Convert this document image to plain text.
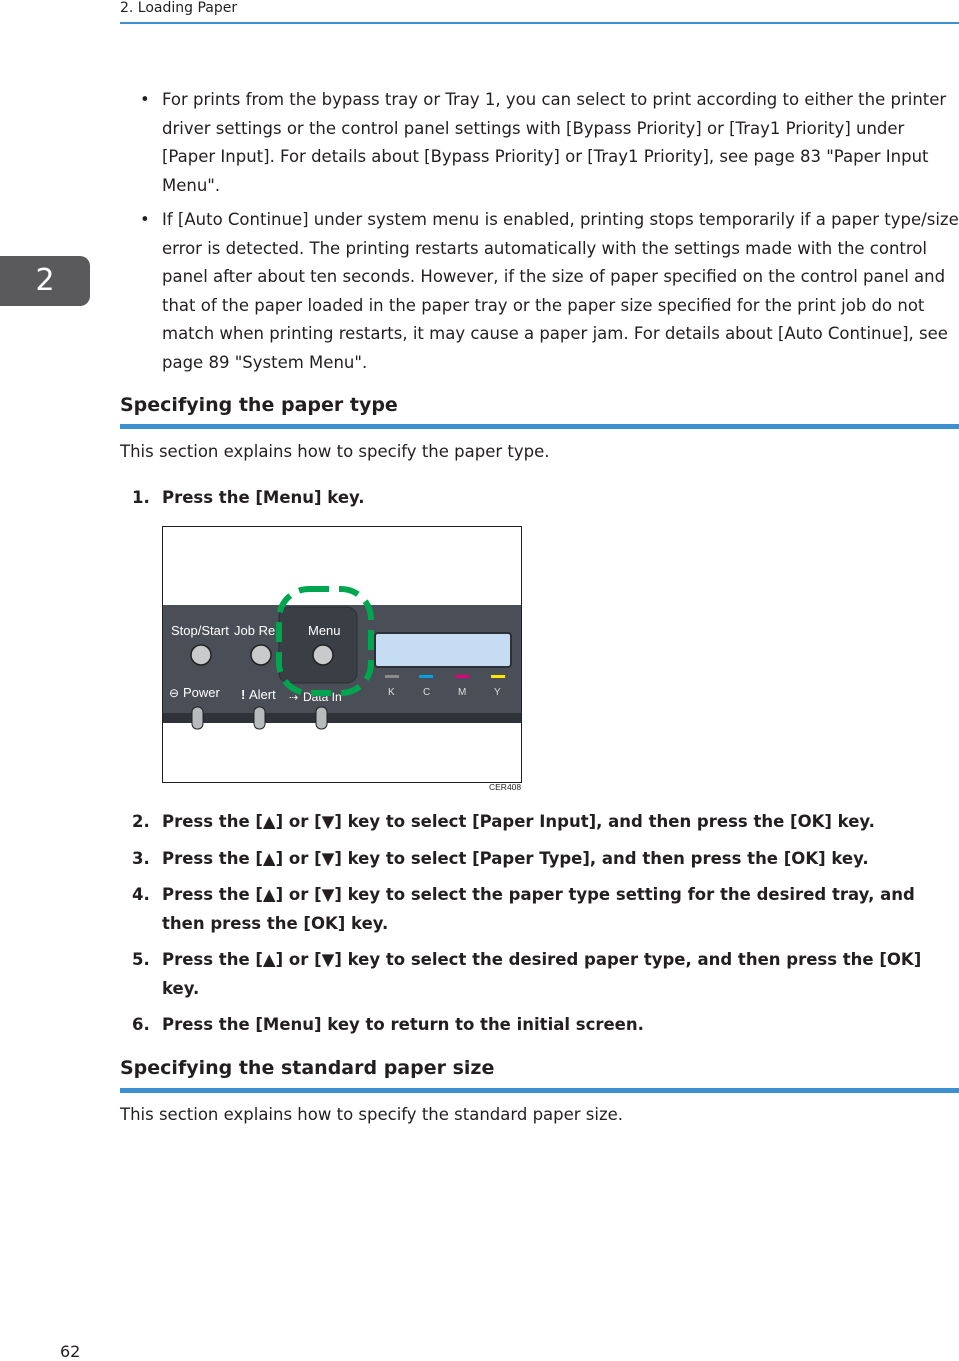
2. Loading Paper
2
• For prints from the bypass tray or Tray 1, you can select to print according to either the printer driver settings or the control panel settings with [Bypass Priority] or [Tray1 Priority] under [Paper Input]. For details about [Bypass Priority] or [Tray1 Priority], see page 83 "Paper Input Menu".
• If [Auto Continue] under system menu is enabled, printing stops temporarily if a paper type/size error is detected. The printing restarts automatically with the settings made with the control panel after about ten seconds. However, if the size of paper specified on the control panel and that of the paper loaded in the paper tray or the paper size specified for the print job do not match when printing restarts, it may cause a paper jam. For details about [Auto Continue], see page 89 "System Menu".
Specifying the paper type
This section explains how to specify the paper type.
1. Press the [Menu] key.
Stop/Start Job Re	Menu
⊖ Power ! Alert ⇢ Data In	K	C	M	Y
CER408
2. Press the [▲] or [▼] key to select [Paper Input], and then press the [OK] key.
3. Press the [▲] or [▼] key to select [Paper Type], and then press the [OK] key.
4. Press the [▲] or [▼] key to select the paper type setting for the desired tray, and then press the [OK] key.
5. Press the [▲] or [▼] key to select the desired paper type, and then press the [OK] key.
6. Press the [Menu] key to return to the initial screen.
Specifying the standard paper size
This section explains how to specify the standard paper size.
62
